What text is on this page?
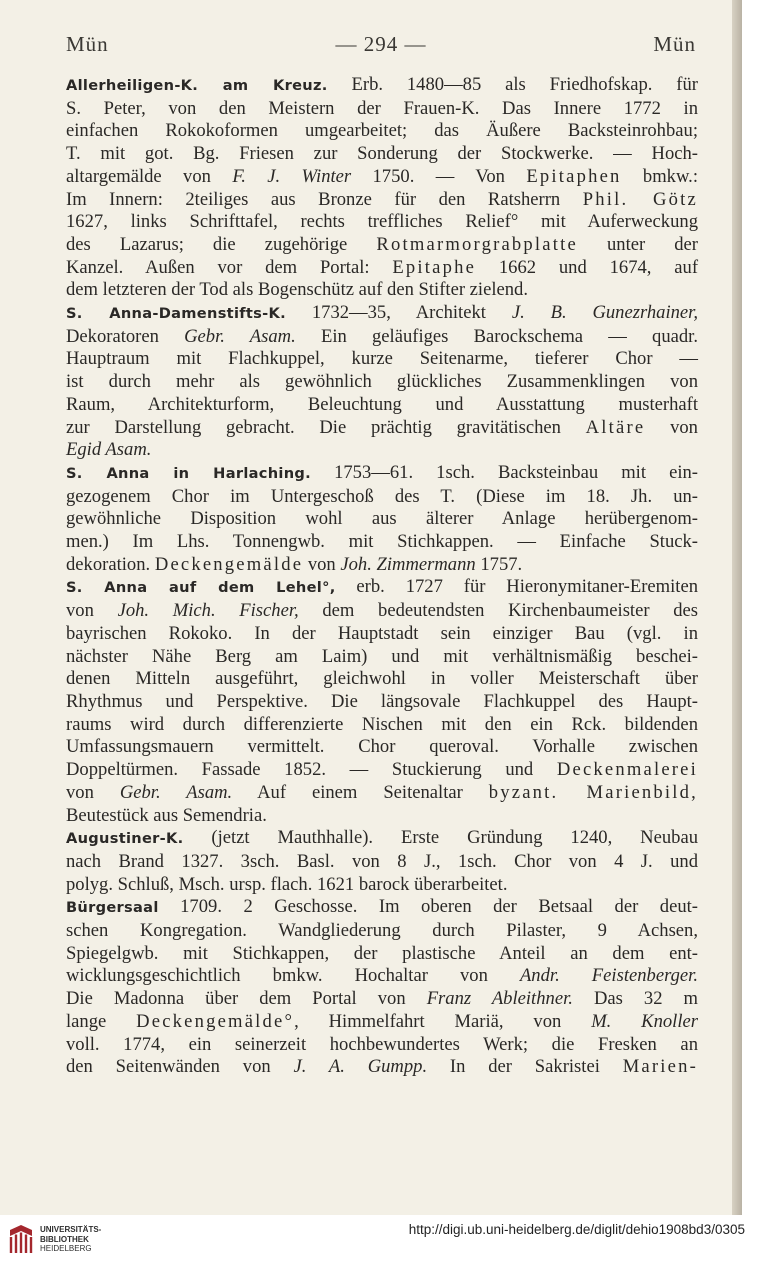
Mün	— 294 —	Mün
Allerheiligen-K. am Kreuz. Erb. 1480—85 als Friedhofskap. für
S. Peter, von den Meistern der Frauen-K. Das Innere 1772 in
einfachen Rokokoformen umgearbeitet; das Äußere Backsteinrohbau;
T. mit got. Bg. Friesen zur Sonderung der Stockwerke. — Hoch-
altargemälde von F. J. Winter 1750. — Von Epitaphen bmkw.:
Im Innern: 2teiliges aus Bronze für den Ratsherrn Phil. Götz
1627, links Schrifttafel, rechts treffliches Relief° mit Auferweckung
des Lazarus; die zugehörige Rotmarmorgrabplatte unter der
Kanzel. Außen vor dem Portal: Epitaphe 1662 und 1674, auf
dem letzteren der Tod als Bogenschütz auf den Stifter zielend.
S. Anna-Damenstifts-K. 1732—35, Architekt J. B. Gunezrhainer,
Dekoratoren Gebr. Asam. Ein geläufiges Barockschema — quadr.
Hauptraum mit Flachkuppel, kurze Seitenarme, tieferer Chor —
ist durch mehr als gewöhnlich glückliches Zusammenklingen von
Raum, Architekturform, Beleuchtung und Ausstattung musterhaft
zur Darstellung gebracht. Die prächtig gravitätischen Altäre von
Egid Asam.
S. Anna in Harlaching. 1753—61. 1sch. Backsteinbau mit ein-
gezogenem Chor im Untergeschoß des T. (Diese im 18. Jh. un-
gewöhnliche Disposition wohl aus älterer Anlage herübergenom-
men.) Im Lhs. Tonnengwb. mit Stichkappen. — Einfache Stuck-
dekoration. Deckengemälde von Joh. Zimmermann 1757.
S. Anna auf dem Lehel°, erb. 1727 für Hieronymitaner-Eremiten
von Joh. Mich. Fischer, dem bedeutendsten Kirchenbaumeister des
bayrischen Rokoko. In der Hauptstadt sein einziger Bau (vgl. in
nächster Nähe Berg am Laim) und mit verhältnismäßig beschei-
denen Mitteln ausgeführt, gleichwohl in voller Meisterschaft über
Rhythmus und Perspektive. Die längsovale Flachkuppel des Haupt-
raums wird durch differenzierte Nischen mit den ein Rck. bildenden
Umfassungsmauern vermittelt. Chor queroval. Vorhalle zwischen
Doppeltürmen. Fassade 1852. — Stuckierung und Deckenmalerei
von Gebr. Asam. Auf einem Seitenaltar byzant. Marienbild,
Beutestück aus Semendria.
Augustiner-K. (jetzt Mauthhalle). Erste Gründung 1240, Neubau
nach Brand 1327. 3sch. Basl. von 8 J., 1sch. Chor von 4 J. und
polyg. Schluß, Msch. ursp. flach. 1621 barock überarbeitet.
Bürgersaal 1709. 2 Geschosse. Im oberen der Betsaal der deut-
schen Kongregation. Wandgliederung durch Pilaster, 9 Achsen,
Spiegelgwb. mit Stichkappen, der plastische Anteil an dem ent-
wicklungsgeschichtlich bmkw. Hochaltar von Andr. Feistenberger.
Die Madonna über dem Portal von Franz Ableithner. Das 32 m
lange Deckengemälde°, Himmelfahrt Mariä, von M. Knoller
voll. 1774, ein seinerzeit hochbewundertes Werk; die Fresken an
den Seitenwänden von J. A. Gumpp. In der Sakristei Marien-
UNIVERSITÄTS-
BIBLIOTHEK
HEIDELBERG
http://digi.ub.uni-heidelberg.de/diglit/dehio1908bd3/0305
